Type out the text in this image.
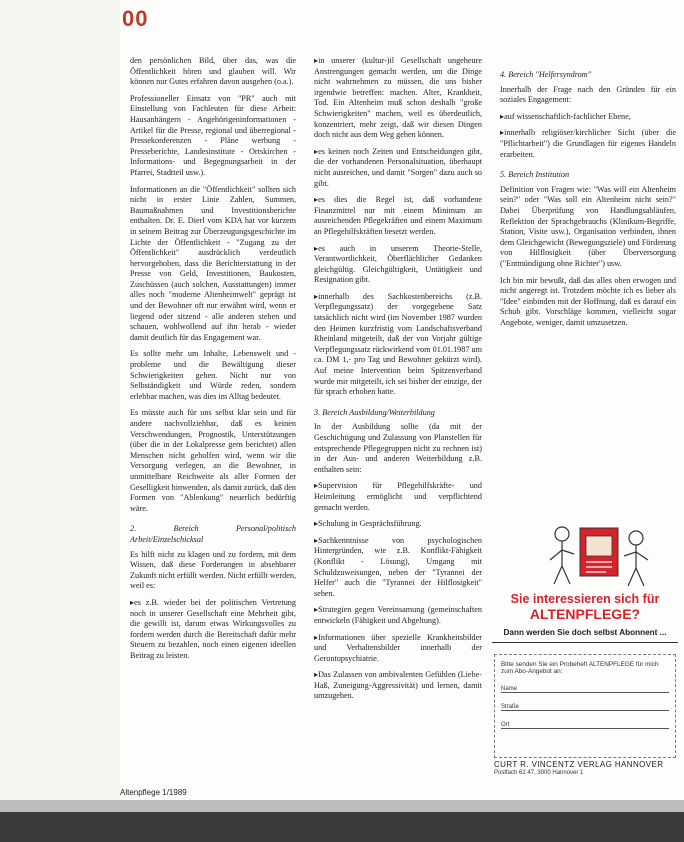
00

den persönlichen Bild, über das, was die Öffentlichkeit hören und glauben will. Wir können nur Gutes erfahren davon ausgehen (o.a.).

Professioneller Einsatz von "PR" auch mit Einstellung von Fachleuten für diese Arbeit: Hausanhängern - Angehörigeninformationen - Artikel für die Presse, regional und überregional - Pressekonferenzen - Pläne werbung - Presseberichte, Landesinstitute - Ortskirchen - Informations- und Begegnungsarbeit in der Pfarrei, Stadtteil usw.).

Informationen an die "Öffentlichkeit" sollten sich nicht in erster Linie Zahlen, Summen, Baumaßnahmen und Investitionsberichte enthalten. Dr. E. Dierl vom KDA hat vor kurzem in seinem Beitrag zur Überzeugungsgeschichte im Lichte der Öffentlichkeit - "Zugang zu der Öffentlichkeit" ausdrücklich verdeutlich hervorgehoben, dass die Berichterstattung in der Presse von Geld, Investitionen, Baukosten, Zuschüssen (auch solchen, Ausstattungen) immer alles noch "moderne Altenheimwelt" geprägt ist und der Bewohner oft nur erwähnt wird, wenn er liegend oder sitzend - alle anderen stehen und schauen, wohlwollend auf ihn herab - wieder damit deutlich für das Engagement war.

Es sollte mehr um Inhalte, Lebenswelt und -probleme und die Bewältigung dieser Schwierigkeiten gehen. Nicht nur von Selbständigkeit und Würde reden, sondern erlebbar machen, was dies im Alltag bedeutet.

Es müsste auch für uns selbst klar sein und für andere nachvollziehbar, daß es keinen Verschwendungen, Prognostik, Unterstützungen (über die in der Lokalpresse gern berichtet) allen Menschen nicht geholfen wird, wenn wir die Versorgung verlegen, an die Bewohner, in unmittelbare Reichweite als aller Formen der Geselligkeit hinwenden, als damit zurück, daß den Formen von "Ablenkung" neuerlich bedürftig wäre.

2. Bereich Personal/politisch Arbeit/Einzelschicksal

Es hilft nicht zu klagen und zu fordern, mit dem Wissen, daß diese Forderungen in absehbarer Zukunft nicht erfüllt werden. Nicht erfüllt werden, weil es:

▸ es z.B. wieder bei der politischen Vertretung noch in unserer Gesellschaft eine Mehrheit gibt, die gewillt ist, darum etwas Wirkungsvolles zu fordern werden durch die Bereitschaft dafür mehr Steuern zu bezahlen, noch einen eigenen ideellen Beitrag zu leisten.

▸ in unserer (kultur-)il Gesellschaft ungeheure Anstrengungen gemacht werden, um die Dinge nicht wahrnehmen zu müssen, die uns bisher irgendwie betreffen: machen. Alter, Krankheit, Tod. Ein Altenheim muß schon deshalb "große Schwierigkeiten" machen, weil es überdeutlich, konzentriert, mehr zeigt, daß wir diesen Dingen doch nicht aus dem Weg gehen können.

▸ es keinen noch Zeiten und Entscheidungen gibt, die der vorhandenen Personalsituation, überhaupt nicht ausreichen, und damit "Sorgen" dazu auch so gibt.

▸ es dies die Regel ist, daß vorhandene Finanzmittel nur mit einem Minimum an ausreichenden Pflegekräften und einem Maximum an Pflegehilfskräften besetzt werden.

▸ es auch in unserem Theorie-Stelle, Verantwortlichkeit, Öberflächlicher Gedanken gleichgültig. Gleichgültigkeit, Untätigkeit und Resignation gibt.

▸ innerhalb des Sachkostenbereichs (z.B. Verpflegungssatz) der vorgegebene Satz tatsächlich nicht wird (im November 1987 wurden den Heimen kurzfristig vom Landschaftsverband Rheinland mitgeteilt, daß der von Vorjahr gültige Verpflegungssatz rückwirkend vom 01.01.1987 um ca. DM 1,- pro Tag und Bewohner gekürzt wird). Auf meine Intervention beim Spitzenverband wurde mir mitgeteilt, ich sei bisher der einzige, der für sprach erhoben hatte.

3. Bereich Ausbildung/Weiterbildung

In der Ausbildung sollte (da mit der Geschichtigung und Zulassung von Planstellen für entsprechende Pflegegruppen nicht zu rechnen ist) in der Aus- und anderen Weiterbildung z.B. enthalten sein:

▸ Supervision für Pflegehilfskräfte- und Heimleitung ermöglicht und verpflichtend gemacht werden.

▸ Schulung in Gesprächsführung.

▸ Sachkenntnisse von psychologischen Hintergründen, wie z.B. Konflikt-Fähigkeit (Konflikt - Lösung), Umgang mit Schuldzuweisungen, neben der "Tyrannei der Helfer" auch die "Tyrannei der Hilflosigkeit" sehen.

▸ Strategien gegen Vereinsamung (gemeinschaften entwickeln (Fähigkeit und Abgeltung).

▸ Informationen über spezielle Krankheitsbilder und Verhaltensbilder innerhalb der Gerontopsychiatrie.

▸ Das Zulassen von ambivalenten Gefühlen (Liebe-Haß, Zuneigung-Aggressivität) und lernen, damit umzugehen.

4. Bereich "Helfersyndrom"

Innerhalb der Frage nach den Gründen für ein soziales Engagement:

▸ auf wissenschaftlich-fachlicher Ebene,

▸ innerhalb religiöser/kirchlicher Sicht (über die "Pflichtarbeit") die Grundlagen für eigenes Handeln erarbeiten.

5. Bereich Institution

Definition von Fragen wie: "Was will ein Altenheim sein?" oder "Was soll ein Altenheim nicht sein?" Dabei Überprüfung von Handlungsabläufen, Reflektion der Sprachgebrauchs (Klinikum-Begriffe, Station, Visite usw.), Organisation verbinden, ihnen dem Gleichgewicht (Bewegungsziele) und Förderung von Hilflosigkeit (über Überversorgung ("Entmündigung ohne Richter") usw.

Ich bin mir bewußt, daß das alles oben erwogen und nicht angeregt ist. Trotzdem möchte ich es lieber als "Idee" einbinden mit der Hoffnung, daß es darauf ein Schub gibt. Vorschläge kommen, vielleicht sogar Angebote, weniger, damit umzusetzen.

Sie interessieren sich für
ALTENPFLEGE?
Dann werden Sie doch selbst Abonnent ...
Bitte senden Sie ein Probeheft ALTENPFLEGE für mich zum Abo-Angebot an:
Name
Straße
Ort
CURT R. VINCENTZ VERLAG HANNOVER
Postfach 62 47, 3000 Hannover 1
Altenpflege 1/1989
